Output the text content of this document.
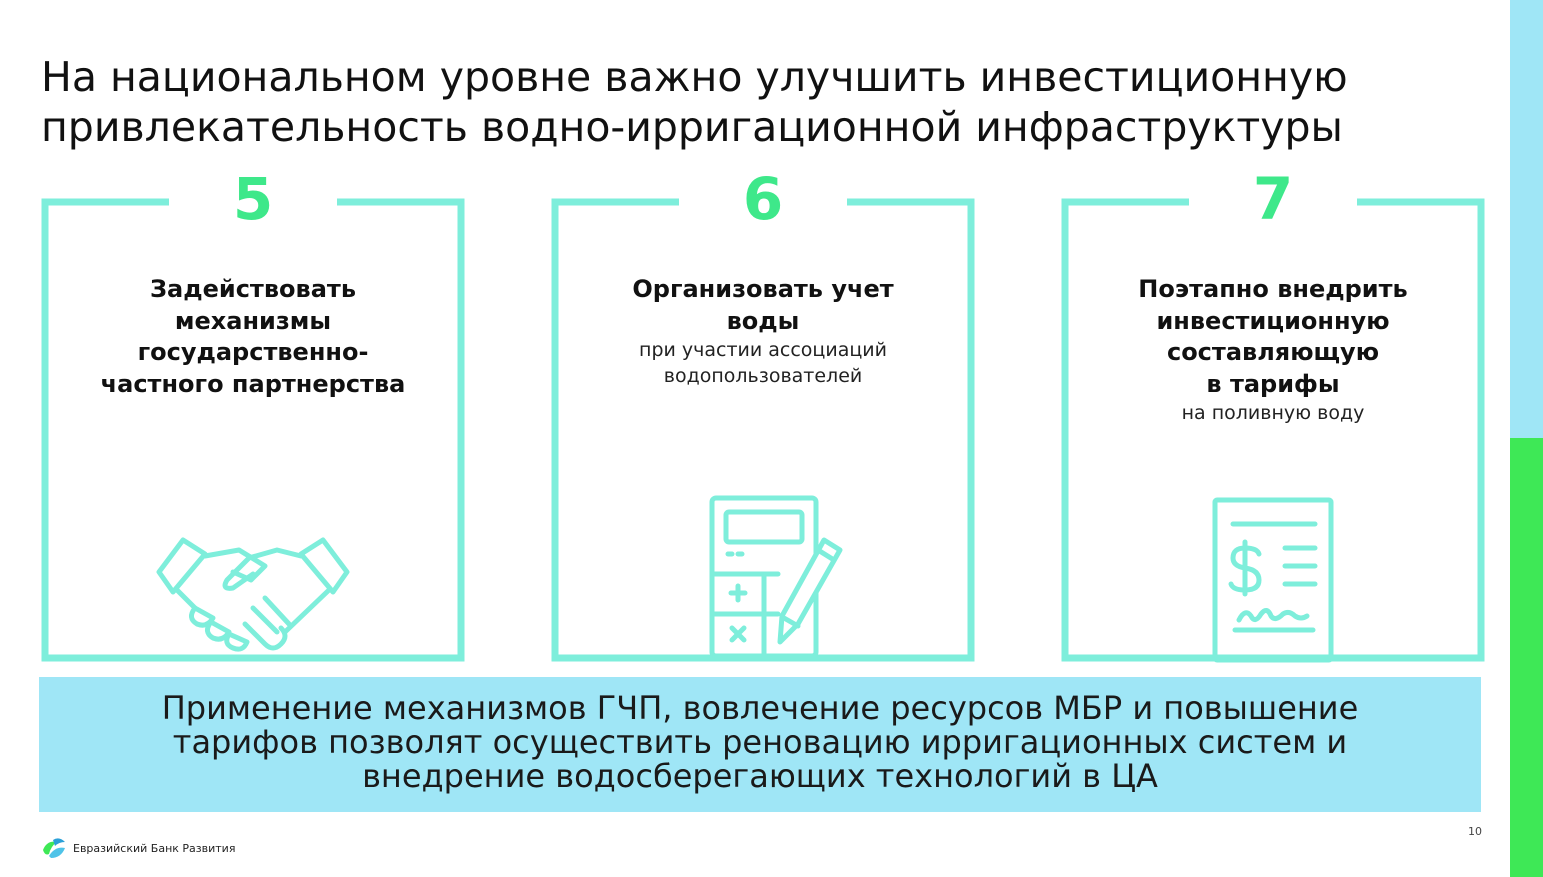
На национальном уровне важно улучшить инвестиционную
привлекательность водно-ирригационной инфраструктуры
5
Задействовать
механизмы
государственно-
частного партнерства
6
Организовать учет
воды
при участии ассоциаций
водопользователей
7
Поэтапно внедрить
инвестиционную
составляющую
в тарифы
на поливную воду
Применение механизмов ГЧП, вовлечение ресурсов МБР и повышение
тарифов позволят осуществить реновацию ирригационных систем и
внедрение водосберегающих технологий в ЦА
Евразийский Банк Развития
10
